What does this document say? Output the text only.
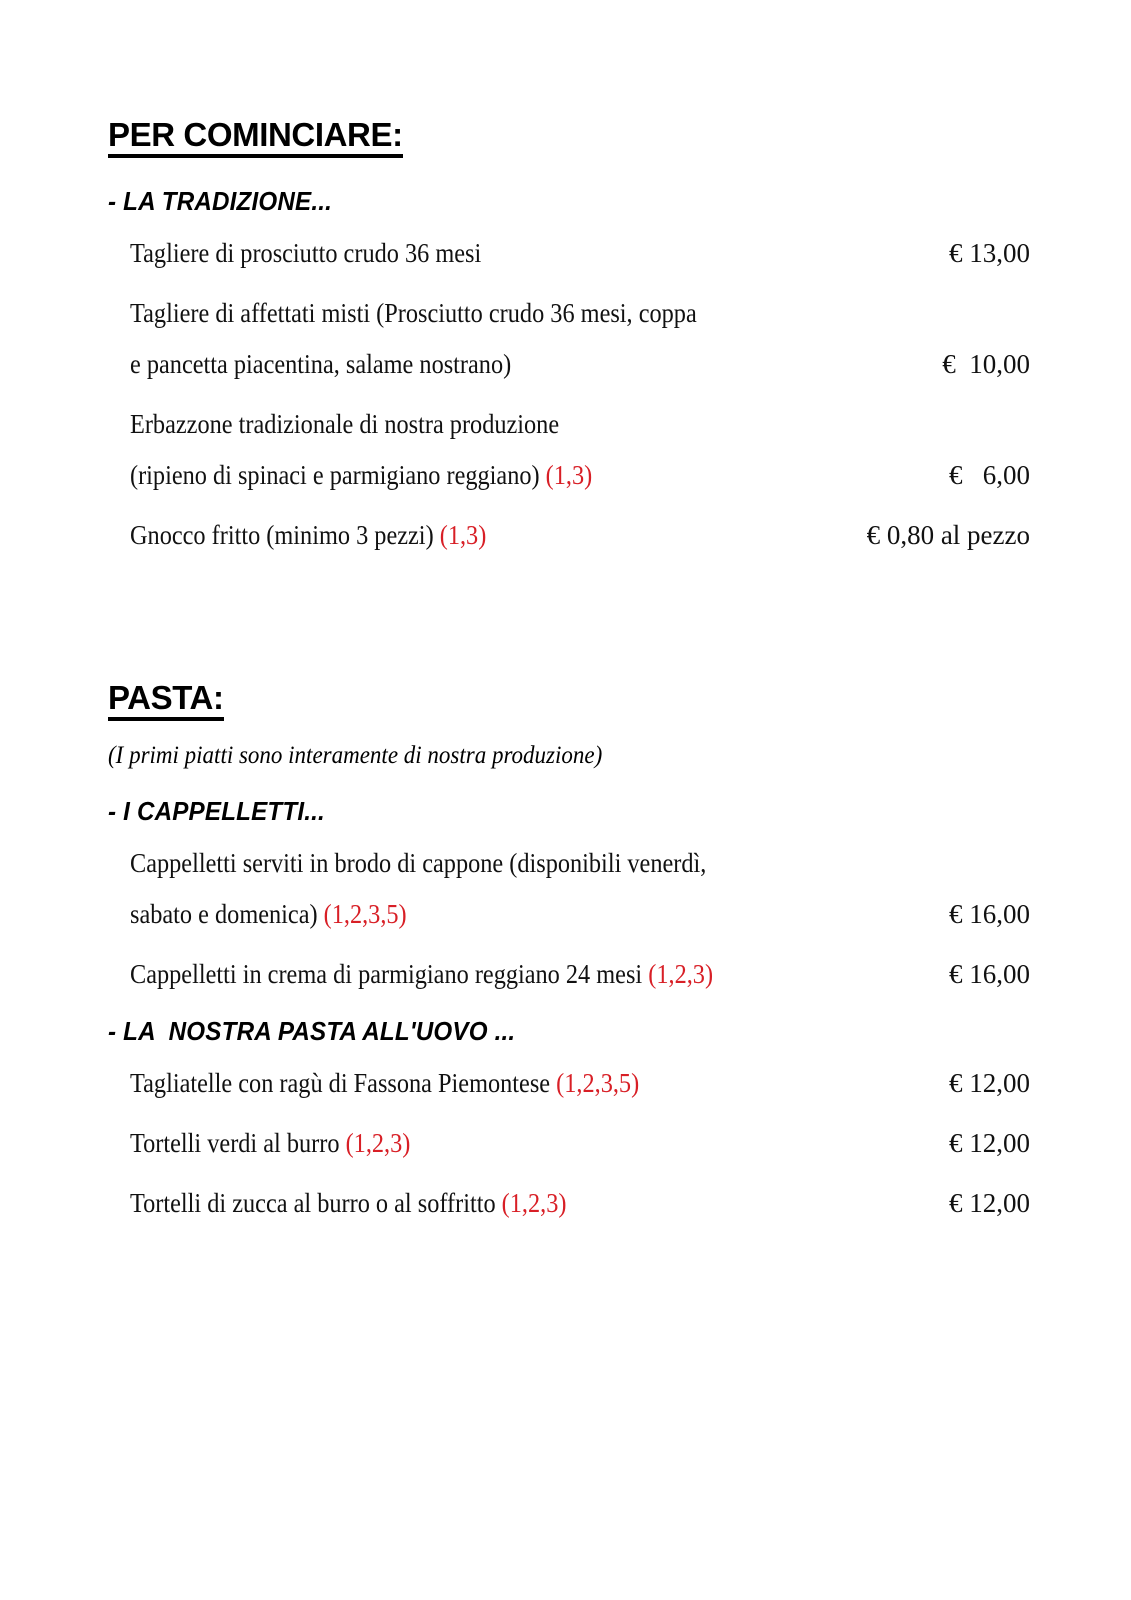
PER COMINCIARE:
- LA TRADIZIONE...
Tagliere di prosciutto crudo 36 mesi	€ 13,00
Tagliere di affettati misti (Prosciutto crudo 36 mesi, coppa
e pancetta piacentina, salame nostrano)	€  10,00
Erbazzone tradizionale di nostra produzione
(ripieno di spinaci e parmigiano reggiano) (1,3)	€   6,00
Gnocco fritto (minimo 3 pezzi) (1,3)	€ 0,80 al pezzo
PASTA:
(I primi piatti sono interamente di nostra produzione)
- I CAPPELLETTI...
Cappelletti serviti in brodo di cappone (disponibili venerdì,
sabato e domenica) (1,2,3,5)	€ 16,00
Cappelletti in crema di parmigiano reggiano 24 mesi (1,2,3)	€ 16,00
- LA  NOSTRA PASTA ALL'UOVO ...
Tagliatelle con ragù di Fassona Piemontese (1,2,3,5)	€ 12,00
Tortelli verdi al burro (1,2,3)	€ 12,00
Tortelli di zucca al burro o al soffritto (1,2,3)	€ 12,00
